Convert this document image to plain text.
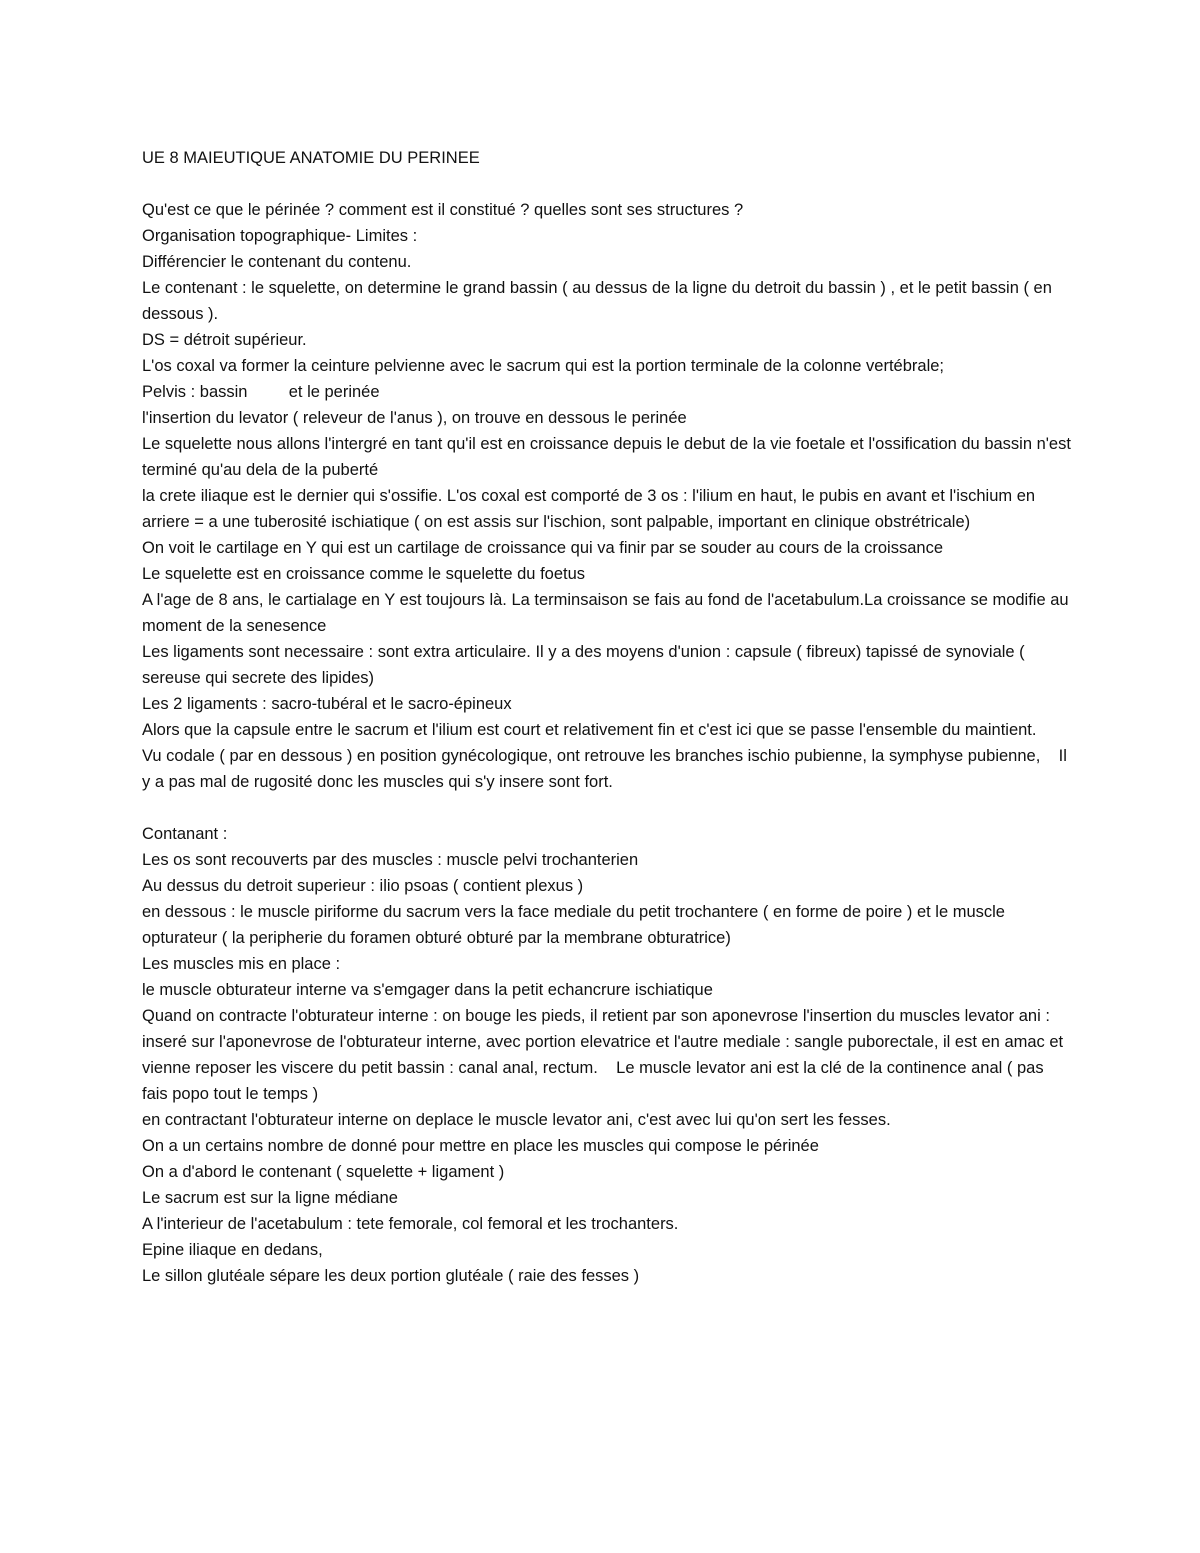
UE 8 MAIEUTIQUE ANATOMIE DU PERINEE

Qu'est ce que le périnée ? comment est il constitué ? quelles sont ses structures ?

Organisation topographique- Limites :

Différencier le contenant du contenu.

Le contenant : le squelette, on determine le grand bassin ( au dessus de la ligne du detroit du bassin ) , et le petit bassin ( en dessous ).

DS = détroit supérieur.

L'os coxal va former la ceinture pelvienne avec le sacrum qui est la portion terminale de la colonne vertébrale;

Pelvis : bassin         et le perinée

l'insertion du levator ( releveur de l'anus ), on trouve en dessous le perinée

Le squelette nous allons l'intergré en tant qu'il est en croissance depuis le debut de la vie foetale et l'ossification du bassin n'est terminé qu'au dela de la puberté

la crete iliaque est le dernier qui s'ossifie. L'os coxal est comporté de 3 os : l'ilium en haut, le pubis en avant et l'ischium en arriere = a une tuberosité ischiatique ( on est assis sur l'ischion, sont palpable, important en clinique obstrétricale)

On voit le cartilage en Y qui est un cartilage de croissance qui va finir par se souder au cours de la croissance

Le squelette est en croissance comme le squelette du foetus

A l'age de 8 ans, le cartialage en Y est toujours là. La terminsaison se fais au fond de l'acetabulum.La croissance se modifie au moment de la senesence

Les ligaments sont necessaire : sont extra articulaire. Il y a des moyens d'union : capsule ( fibreux) tapissé de synoviale ( sereuse qui secrete des lipides)

Les 2 ligaments : sacro-tubéral et le sacro-épineux

Alors que la capsule entre le sacrum et l'ilium est court et relativement fin et c'est ici que se passe l'ensemble du maintient.

Vu codale ( par en dessous ) en position gynécologique, ont retrouve les branches ischio pubienne, la symphyse pubienne,    Il y a pas mal de rugosité donc les muscles qui s'y insere sont fort.

Contanant :

Les os sont recouverts par des muscles : muscle pelvi trochanterien

Au dessus du detroit superieur : ilio psoas ( contient plexus )

en dessous : le muscle piriforme du sacrum vers la face mediale du petit trochantere ( en forme de poire ) et le muscle opturateur ( la peripherie du foramen obturé obturé par la membrane obturatrice)

Les muscles mis en place :

le muscle obturateur interne va s'emgager dans la petit echancrure ischiatique

Quand on contracte l'obturateur interne : on bouge les pieds, il retient par son aponevrose l'insertion du muscles levator ani : inseré sur l'aponevrose de l'obturateur interne, avec portion elevatrice et l'autre mediale : sangle puborectale, il est en amac et vienne reposer les viscere du petit bassin : canal anal, rectum.    Le muscle levator ani est la clé de la continence anal ( pas fais popo tout le temps )

en contractant l'obturateur interne on deplace le muscle levator ani, c'est avec lui qu'on sert les fesses.

On a un certains nombre de donné pour mettre en place les muscles qui compose le périnée

On a d'abord le contenant ( squelette + ligament )

Le sacrum est sur la ligne médiane

A l'interieur de l'acetabulum : tete femorale, col femoral et les trochanters.

Epine iliaque en dedans,

Le sillon glutéale sépare les deux portion glutéale ( raie des fesses )
